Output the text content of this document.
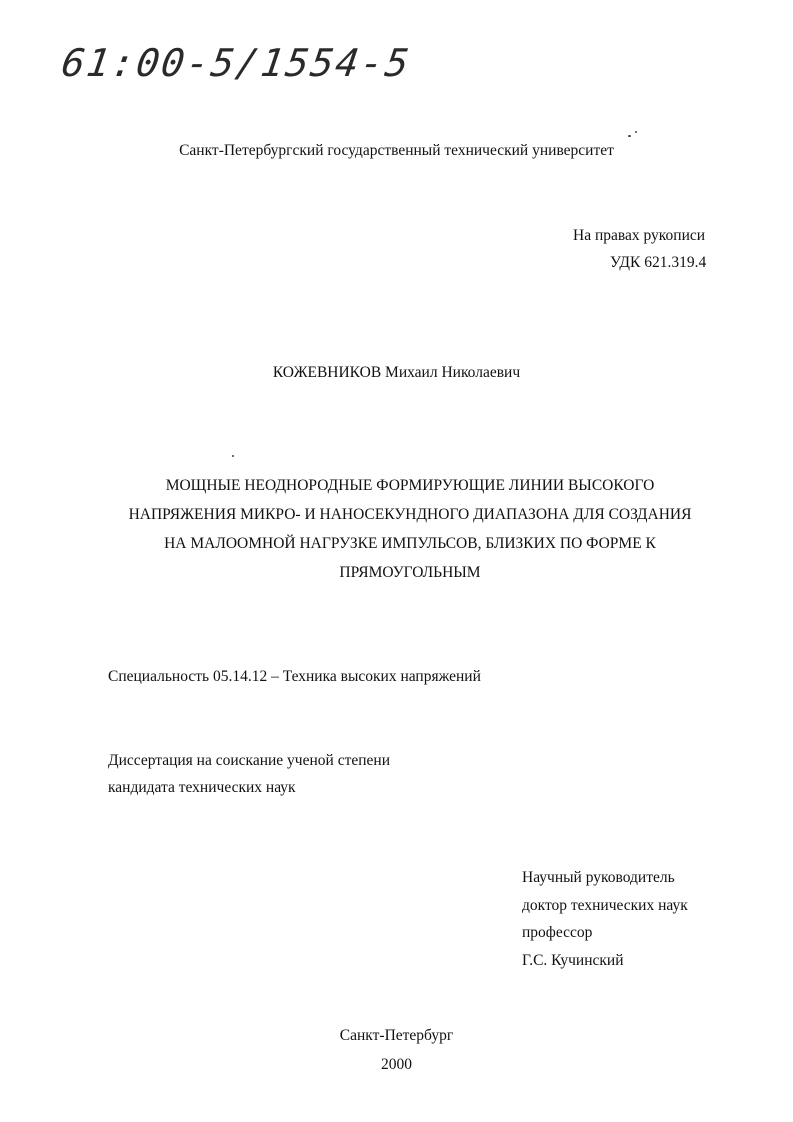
61:00-5/1554-5
Санкт-Петербургский государственный технический университет
На правах рукописи
УДК 621.319.4
КОЖЕВНИКОВ Михаил Николаевич
МОЩНЫЕ НЕОДНОРОДНЫЕ ФОРМИРУЮЩИЕ ЛИНИИ ВЫСОКОГО
НАПРЯЖЕНИЯ МИКРО- И НАНОСЕКУНДНОГО ДИАПАЗОНА ДЛЯ СОЗДАНИЯ
НА МАЛООМНОЙ НАГРУЗКЕ ИМПУЛЬСОВ, БЛИЗКИХ ПО ФОРМЕ К
ПРЯМОУГОЛЬНЫМ
Специальность 05.14.12 – Техника высоких напряжений
Диссертация на соискание ученой степени
кандидата технических наук
Научный руководитель
доктор технических наук
профессор
Г.С. Кучинский
Санкт-Петербург
2000
